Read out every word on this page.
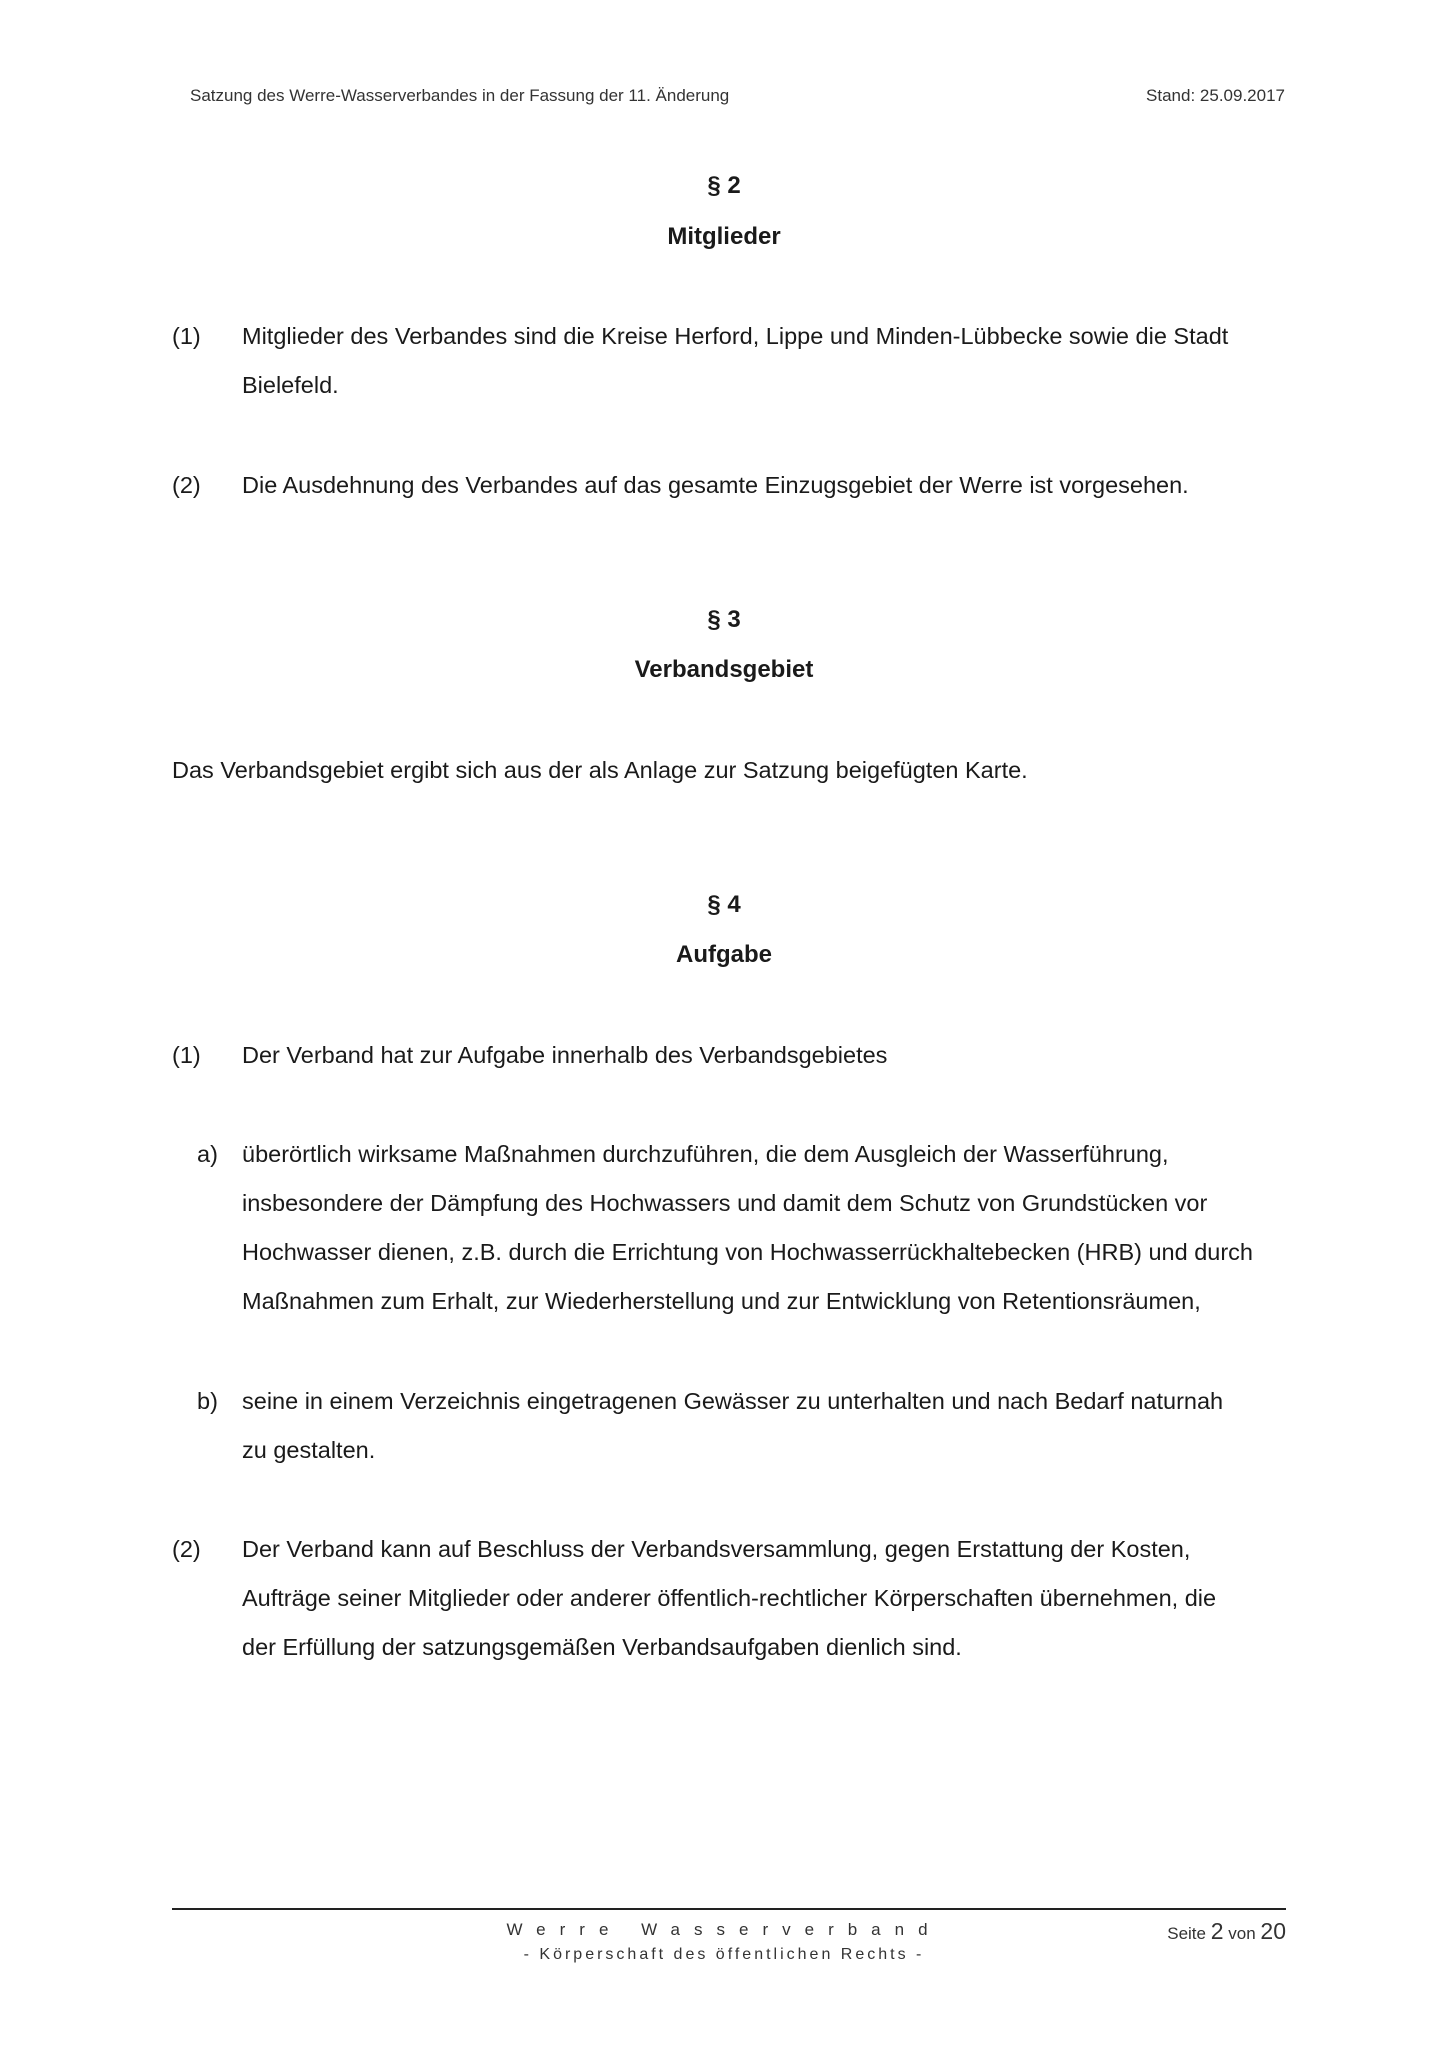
Satzung des Werre-Wasserverbandes in der Fassung der 11. Änderung	Stand: 25.09.2017
§ 2
Mitglieder
(1) Mitglieder des Verbandes sind die Kreise Herford, Lippe und Minden-Lübbecke sowie die Stadt
Bielefeld.
(2) Die Ausdehnung des Verbandes auf das gesamte Einzugsgebiet der Werre ist vorgesehen.
§ 3
Verbandsgebiet
Das Verbandsgebiet ergibt sich aus der als Anlage zur Satzung beigefügten Karte.
§ 4
Aufgabe
(1) Der Verband hat zur Aufgabe innerhalb des Verbandsgebietes
a) überörtlich wirksame Maßnahmen durchzuführen, die dem Ausgleich der Wasserführung,
insbesondere der Dämpfung des Hochwassers und damit dem Schutz von Grundstücken vor
Hochwasser dienen, z.B. durch die Errichtung von Hochwasserrückhaltebecken (HRB) und durch
Maßnahmen zum Erhalt, zur Wiederherstellung und zur Entwicklung von Retentionsräumen,
b) seine in einem Verzeichnis eingetragenen Gewässer zu unterhalten und nach Bedarf naturnah
zu gestalten.
(2) Der Verband kann auf Beschluss der Verbandsversammlung, gegen Erstattung der Kosten,
Aufträge seiner Mitglieder oder anderer öffentlich-rechtlicher Körperschaften übernehmen, die
der Erfüllung der satzungsgemäßen Verbandsaufgaben dienlich sind.
Werre Wasserverband
- Körperschaft des öffentlichen Rechts -
Seite 2 von 20
